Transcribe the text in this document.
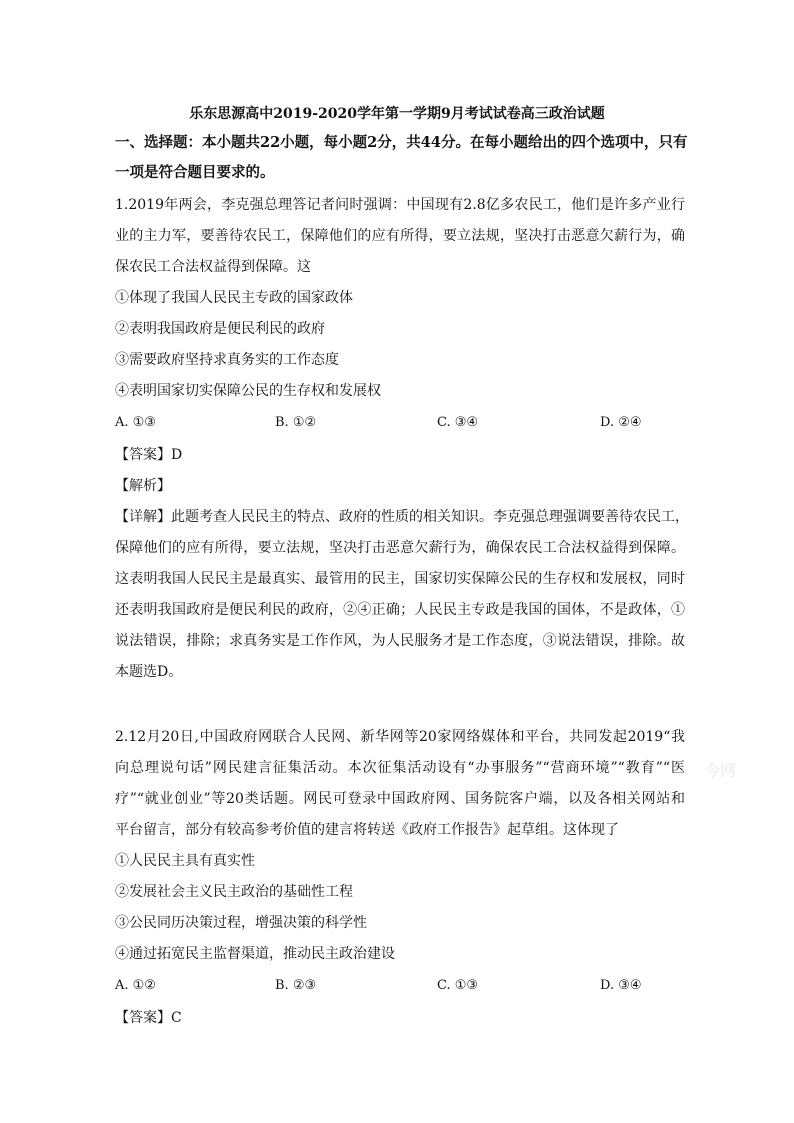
乐东思源高中2019-2020学年第一学期9月考试试卷高三政治试题
一、选择题：本小题共22小题，每小题2分，共44分。在每小题给出的四个选项中，只有
一项是符合题目要求的。
1.2019年两会，李克强总理答记者问时强调：中国现有2.8亿多农民工，他们是许多产业行
业的主力军，要善待农民工，保障他们的应有所得，要立法规，坚决打击恶意欠薪行为，确
保农民工合法权益得到保障。这
①体现了我国人民民主专政的国家政体
②表明我国政府是便民利民的政府
③需要政府坚持求真务实的工作态度
④表明国家切实保障公民的生存权和发展权
A. ①③	B. ①②	C. ③④	D. ②④
【答案】D
【解析】
【详解】此题考查人民民主的特点、政府的性质的相关知识。李克强总理强调要善待农民工，
保障他们的应有所得，要立法规，坚决打击恶意欠薪行为，确保农民工合法权益得到保障。
这表明我国人民民主是最真实、最管用的民主，国家切实保障公民的生存权和发展权，同时
还表明我国政府是便民利民的政府，②④正确；人民民主专政是我国的国体，不是政体，①
说法错误，排除；求真务实是工作作风，为人民服务才是工作态度，③说法错误，排除。故
本题选D。
2.12月20日,中国政府网联合人民网、新华网等20家网络媒体和平台，共同发起2019“我
向总理说句话”网民建言征集活动。本次征集活动设有“办事服务”“营商环境”“教育”“医
疗”“就业创业”等20类话题。网民可登录中国政府网、国务院客户端，以及各相关网站和
平台留言，部分有较高参考价值的建言将转送《政府工作报告》起草组。这体现了
①人民民主具有真实性
②发展社会主义民主政治的基础性工程
③公民同历决策过程，增强决策的科学性
④通过拓宽民主监督渠道，推动民主政治建设
A. ①②	B. ②③	C. ①③	D. ③④
【答案】C
今网
